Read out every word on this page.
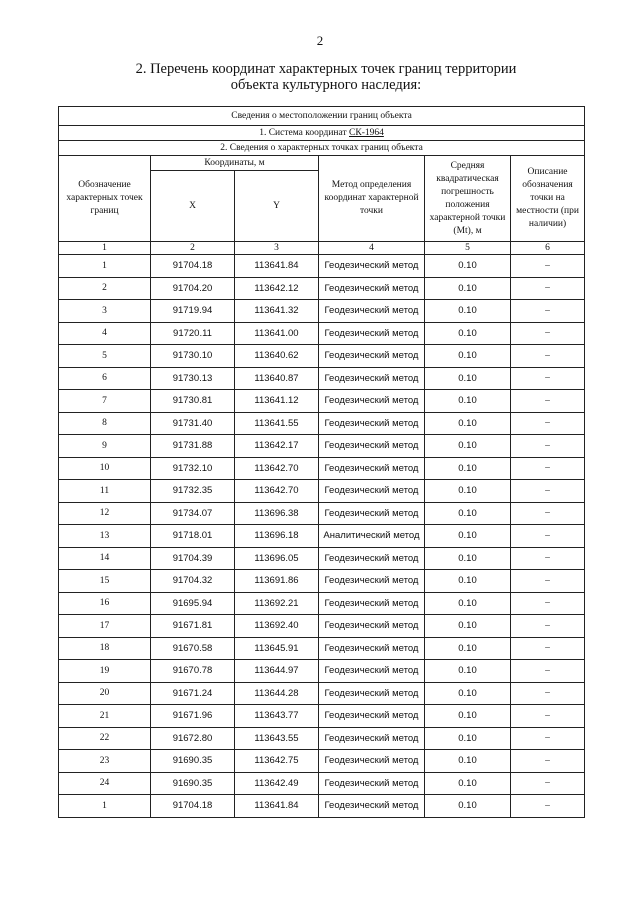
2
2. Перечень координат характерных точек границ территории
объекта культурного наследия:
Сведения о местоположении границ объекта					
1. Система координат СК-1964					
2. Сведения о характерных точках границ объекта					
Обозначение характерных точек границ	Координаты, м		Метод определения координат характерной точки	Средняя квадратическая погрешность положения характерной точки (Mt), м	Описание обозначения точки на местности (при наличии)
	X	Y			
1	2	3	4	5	6
1	91704.18	113641.84	Геодезический метод	0.10	–
2	91704.20	113642.12	Геодезический метод	0.10	–
3	91719.94	113641.32	Геодезический метод	0.10	–
4	91720.11	113641.00	Геодезический метод	0.10	–
5	91730.10	113640.62	Геодезический метод	0.10	–
6	91730.13	113640.87	Геодезический метод	0.10	–
7	91730.81	113641.12	Геодезический метод	0.10	–
8	91731.40	113641.55	Геодезический метод	0.10	–
9	91731.88	113642.17	Геодезический метод	0.10	–
10	91732.10	113642.70	Геодезический метод	0.10	–
11	91732.35	113642.70	Геодезический метод	0.10	–
12	91734.07	113696.38	Геодезический метод	0.10	–
13	91718.01	113696.18	Аналитический метод	0.10	–
14	91704.39	113696.05	Геодезический метод	0.10	–
15	91704.32	113691.86	Геодезический метод	0.10	–
16	91695.94	113692.21	Геодезический метод	0.10	–
17	91671.81	113692.40	Геодезический метод	0.10	–
18	91670.58	113645.91	Геодезический метод	0.10	–
19	91670.78	113644.97	Геодезический метод	0.10	–
20	91671.24	113644.28	Геодезический метод	0.10	–
21	91671.96	113643.77	Геодезический метод	0.10	–
22	91672.80	113643.55	Геодезический метод	0.10	–
23	91690.35	113642.75	Геодезический метод	0.10	–
24	91690.35	113642.49	Геодезический метод	0.10	–
1	91704.18	113641.84	Геодезический метод	0.10	–
